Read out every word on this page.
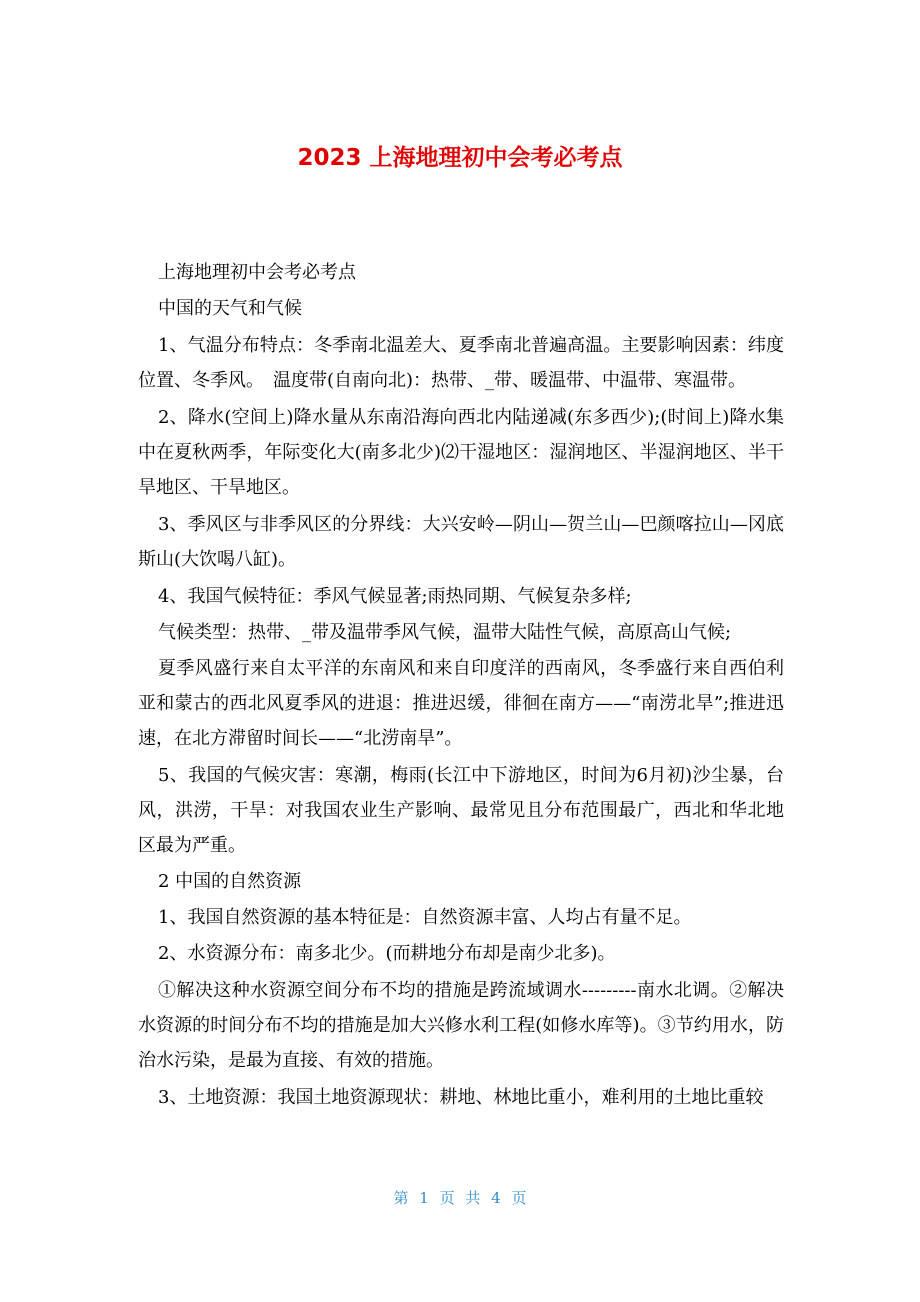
2023 上海地理初中会考必考点

上海地理初中会考必考点

中国的天气和气候

1、气温分布特点：冬季南北温差大、夏季南北普遍高温。主要影响因素：纬度位置、冬季风。　温度带(自南向北)：热带、_带、暖温带、中温带、寒温带。

2、降水(空间上)降水量从东南沿海向西北内陆递减(东多西少);(时间上)降水集中在夏秋两季，年际变化大(南多北少)⑵干湿地区：湿润地区、半湿润地区、半干旱地区、干旱地区。

3、季风区与非季风区的分界线：大兴安岭—阴山—贺兰山—巴颜喀拉山—冈底斯山(大饮喝八缸)。

4、我国气候特征：季风气候显著;雨热同期、气候复杂多样;

气候类型：热带、_带及温带季风气候，温带大陆性气候，高原高山气候;

夏季风盛行来自太平洋的东南风和来自印度洋的西南风，冬季盛行来自西伯利亚和蒙古的西北风夏季风的进退：推进迟缓，徘徊在南方——“南涝北旱”;推进迅速，在北方滞留时间长——“北涝南旱”。

5、我国的气候灾害：寒潮，梅雨(长江中下游地区，时间为6月初)沙尘暴，台风，洪涝，干旱：对我国农业生产影响、最常见且分布范围最广，西北和华北地区最为严重。

2 中国的自然资源

1、我国自然资源的基本特征是：自然资源丰富、人均占有量不足。

2、水资源分布：南多北少。(而耕地分布却是南少北多)。

①解决这种水资源空间分布不均的措施是跨流域调水---------南水北调。②解决水资源的时间分布不均的措施是加大兴修水利工程(如修水库等)。③节约用水，防治水污染，是最为直接、有效的措施。

3、土地资源：我国土地资源现状：耕地、林地比重小，难利用的土地比重较

第 1 页 共 4 页
